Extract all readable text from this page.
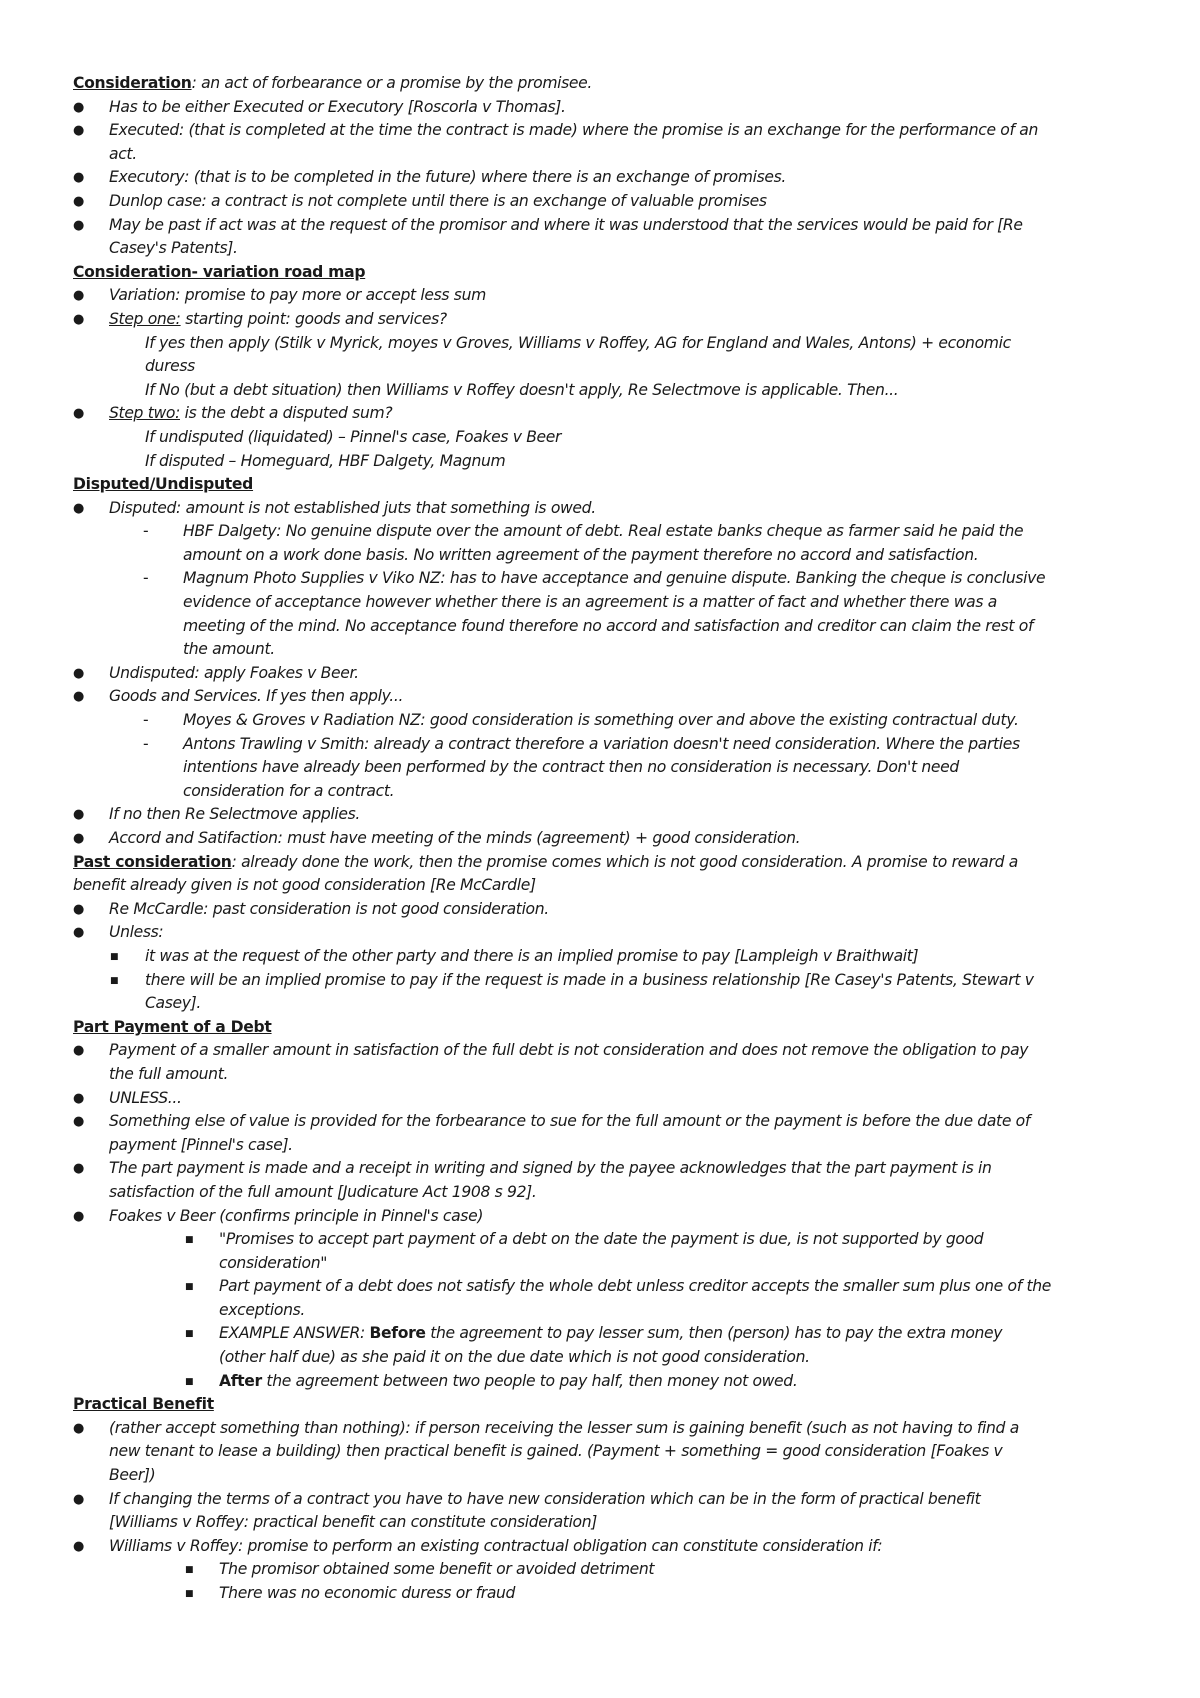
Consideration: an act of forbearance or a promise by the promisee.
● Has to be either Executed or Executory [Roscorla v Thomas].
● Executed: (that is completed at the time the contract is made) where the promise is an exchange for the performance of an
act.
● Executory: (that is to be completed in the future) where there is an exchange of promises.
● Dunlop case: a contract is not complete until there is an exchange of valuable promises
● May be past if act was at the request of the promisor and where it was understood that the services would be paid for [Re
Casey's Patents].
Consideration- variation road map
● Variation: promise to pay more or accept less sum
● Step one: starting point: goods and services?
If yes then apply (Stilk v Myrick, moyes v Groves, Williams v Roffey, AG for England and Wales, Antons) + economic
duress
If No (but a debt situation) then Williams v Roffey doesn't apply, Re Selectmove is applicable. Then...
● Step two: is the debt a disputed sum?
If undisputed (liquidated) – Pinnel's case, Foakes v Beer
If disputed – Homeguard, HBF Dalgety, Magnum
Disputed/Undisputed
● Disputed: amount is not established juts that something is owed.
- HBF Dalgety: No genuine dispute over the amount of debt. Real estate banks cheque as farmer said he paid the
amount on a work done basis. No written agreement of the payment therefore no accord and satisfaction.
- Magnum Photo Supplies v Viko NZ: has to have acceptance and genuine dispute. Banking the cheque is conclusive
evidence of acceptance however whether there is an agreement is a matter of fact and whether there was a
meeting of the mind. No acceptance found therefore no accord and satisfaction and creditor can claim the rest of
the amount.
● Undisputed: apply Foakes v Beer.
● Goods and Services. If yes then apply...
- Moyes & Groves v Radiation NZ: good consideration is something over and above the existing contractual duty.
- Antons Trawling v Smith: already a contract therefore a variation doesn't need consideration. Where the parties
intentions have already been performed by the contract then no consideration is necessary. Don't need
consideration for a contract.
● If no then Re Selectmove applies.
● Accord and Satifaction: must have meeting of the minds (agreement) + good consideration.
Past consideration: already done the work, then the promise comes which is not good consideration. A promise to reward a
benefit already given is not good consideration [Re McCardle]
● Re McCardle: past consideration is not good consideration.
● Unless:
■ it was at the request of the other party and there is an implied promise to pay [Lampleigh v Braithwait]
■ there will be an implied promise to pay if the request is made in a business relationship [Re Casey's Patents, Stewart v
Casey].
Part Payment of a Debt
● Payment of a smaller amount in satisfaction of the full debt is not consideration and does not remove the obligation to pay
the full amount.
● UNLESS...
● Something else of value is provided for the forbearance to sue for the full amount or the payment is before the due date of
payment [Pinnel's case].
● The part payment is made and a receipt in writing and signed by the payee acknowledges that the part payment is in
satisfaction of the full amount [Judicature Act 1908 s 92].
● Foakes v Beer (confirms principle in Pinnel's case)
■ "Promises to accept part payment of a debt on the date the payment is due, is not supported by good
consideration"
■ Part payment of a debt does not satisfy the whole debt unless creditor accepts the smaller sum plus one of the
exceptions.
■ EXAMPLE ANSWER: Before the agreement to pay lesser sum, then (person) has to pay the extra money
(other half due) as she paid it on the due date which is not good consideration.
■ After the agreement between two people to pay half, then money not owed.
Practical Benefit
● (rather accept something than nothing): if person receiving the lesser sum is gaining benefit (such as not having to find a
new tenant to lease a building) then practical benefit is gained. (Payment + something = good consideration [Foakes v
Beer])
● If changing the terms of a contract you have to have new consideration which can be in the form of practical benefit
[Williams v Roffey: practical benefit can constitute consideration]
● Williams v Roffey: promise to perform an existing contractual obligation can constitute consideration if:
■ The promisor obtained some benefit or avoided detriment
■ There was no economic duress or fraud
